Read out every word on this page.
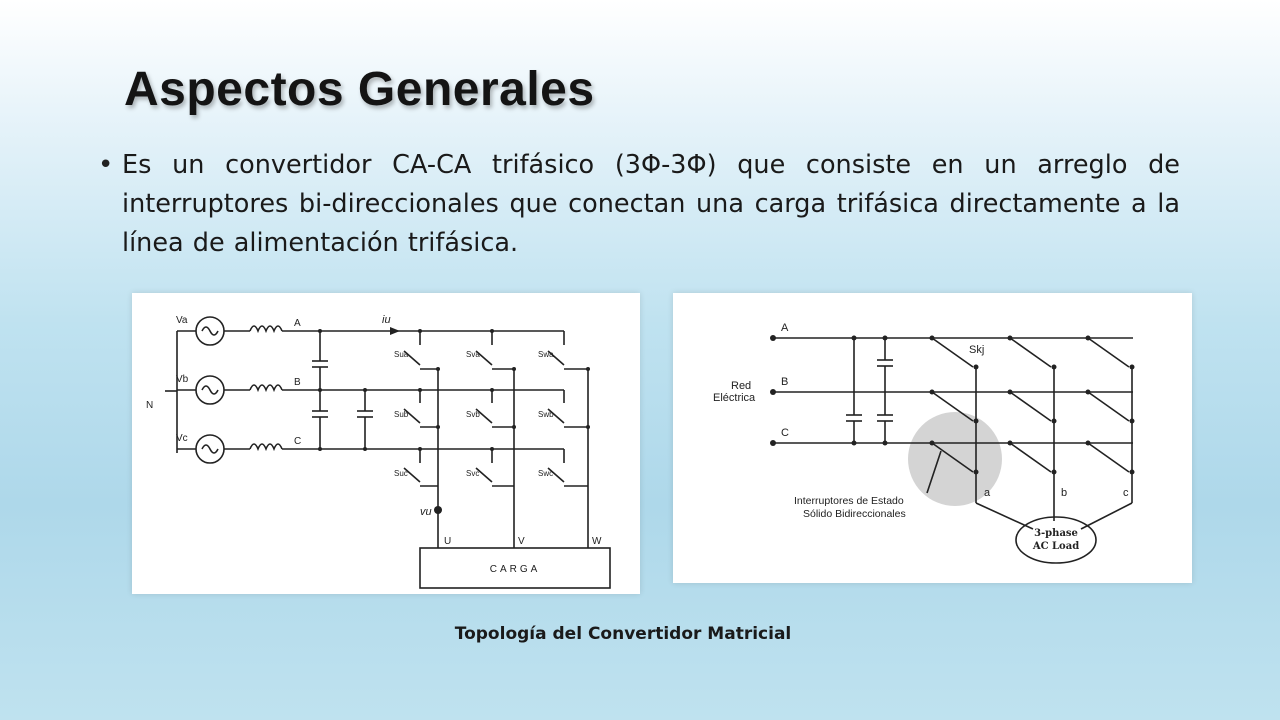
Aspectos Generales
• Es un convertidor CA-CA trifásico (3Φ-3Φ) que consiste en un arreglo de interruptores bi-direccionales que conectan una carga trifásica directamente a la línea de alimentación trifásica.
Va
Vb
Vc
N
A
B
C
iu
Sua	Sva	Swa
Sub	Svb	Swb
Suc	Svc	Swc
vu
U	V	W
CARGA
A
B
C
Red
Eléctrica
Skj
Interruptores de Estado
Sólido Bidireccionales
a	b	c
3-phase
AC Load
Topología del Convertidor Matricial
